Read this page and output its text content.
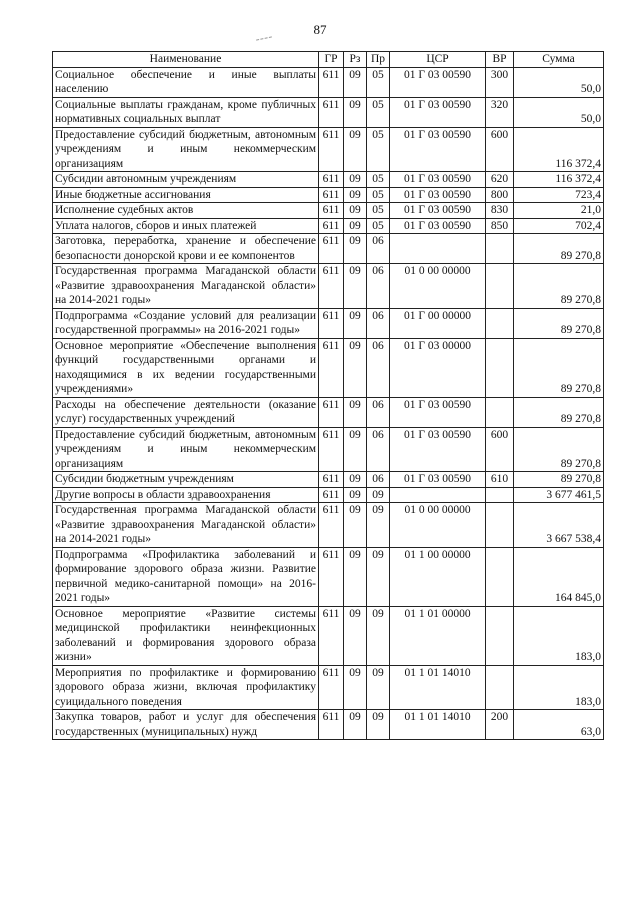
87
Наименование	ГР	Рз	Пр	ЦСР	ВР	Сумма
Социальное обеспечение и иные выплаты населению	611	09	05	01 Г 03 00590	300	50,0
Социальные выплаты гражданам, кроме публичных нормативных социальных выплат	611	09	05	01 Г 03 00590	320	50,0
Предоставление субсидий бюджетным, автономным учреждениям и иным некоммерческим организациям	611	09	05	01 Г 03 00590	600	116 372,4
Субсидии автономным учреждениям	611	09	05	01 Г 03 00590	620	116 372,4
Иные бюджетные ассигнования	611	09	05	01 Г 03 00590	800	723,4
Исполнение судебных актов	611	09	05	01 Г 03 00590	830	21,0
Уплата налогов, сборов и иных платежей	611	09	05	01 Г 03 00590	850	702,4
Заготовка, переработка, хранение и обеспечение безопасности донорской крови и ее компонентов	611	09	06			89 270,8
Государственная программа Магаданской области «Развитие здравоохранения Магаданской области» на 2014-2021 годы»	611	09	06	01 0 00 00000		89 270,8
Подпрограмма «Создание условий для реализации государственной программы» на 2016-2021 годы»	611	09	06	01 Г 00 00000		89 270,8
Основное мероприятие «Обеспечение выполнения функций государственными органами и находящимися в их ведении государственными учреждениями»	611	09	06	01 Г 03 00000		89 270,8
Расходы на обеспечение деятельности (оказание услуг) государственных учреждений	611	09	06	01 Г 03 00590		89 270,8
Предоставление субсидий бюджетным, автономным учреждениям и иным некоммерческим организациям	611	09	06	01 Г 03 00590	600	89 270,8
Субсидии бюджетным учреждениям	611	09	06	01 Г 03 00590	610	89 270,8
Другие вопросы в области здравоохранения	611	09	09			3 677 461,5
Государственная программа Магаданской области «Развитие здравоохранения Магаданской области» на 2014-2021 годы»	611	09	09	01 0 00 00000		3 667 538,4
Подпрограмма «Профилактика заболеваний и формирование здорового образа жизни. Развитие первичной медико-санитарной помощи» на 2016-2021 годы»	611	09	09	01 1 00 00000		164 845,0
Основное мероприятие «Развитие системы медицинской профилактики неинфекционных заболеваний и формирования здорового образа жизни»	611	09	09	01 1 01 00000		183,0
Мероприятия по профилактике и формированию здорового образа жизни, включая профилактику суицидального поведения	611	09	09	01 1 01 14010		183,0
Закупка товаров, работ и услуг для обеспечения государственных (муниципальных) нужд	611	09	09	01 1 01 14010	200	63,0
